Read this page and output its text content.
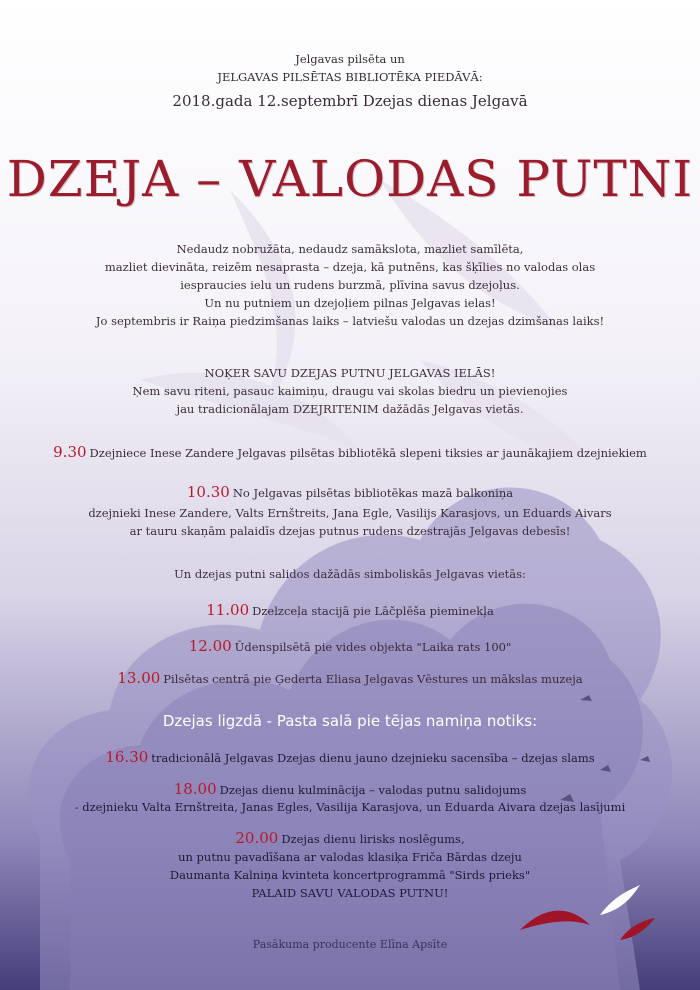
Jelgavas pilsēta un
JELGAVAS PILSĒTAS BIBLIOTĒKA PIEDĀVĀ:
2018.gada 12.septembrī Dzejas dienas Jelgavā
DZEJA – VALODAS PUTNI
Nedaudz nobružāta, nedaudz samākslota, mazliet samīlēta,
mazliet dievināta, reizēm nesaprasta – dzeja, kā putnēns, kas šķīlies no valodas olas
iespraucies ielu un rudens burzmā, plīvina savus dzejoļus.
Un nu putniem un dzejoļiem pilnas Jelgavas ielas!
Jo septembris ir Raiņa piedzimšanas laiks – latviešu valodas un dzejas dzimšanas laiks!
NOĶER SAVU DZEJAS PUTNU JELGAVAS IELĀS!
Ņem savu riteni, pasauc kaimiņu, draugu vai skolas biedru un pievienojies
jau tradicionālajam DZEJRITENIM dažādās Jelgavas vietās.
9.30 Dzejniece Inese Zandere Jelgavas pilsētas bibliotēkā slepeni tiksies ar jaunākajiem dzejniekiem
10.30 No Jelgavas pilsētas bibliotēkas mazā balkoniņa
dzejnieki Inese Zandere, Valts Ernštreits, Jana Egle, Vasilijs Karasjovs, un Eduards Aivars
ar tauru skaņām palaidīs dzejas putnus rudens dzestrajās Jelgavas debesīs!
Un dzejas putni salidos dažādās simboliskās Jelgavas vietās:
11.00 Dzelzceļa stacijā pie Lāčplēša pieminekļa
12.00 Ūdenspilsētā pie vides objekta "Laika rats 100"
13.00 Pilsētas centrā pie Ģederta Eliasa Jelgavas Vēstures un mākslas muzeja
Dzejas ligzdā - Pasta salā pie tējas namiņa notiks:
16.30 tradicionālā Jelgavas Dzejas dienu jauno dzejnieku sacensība – dzejas slams
18.00 Dzejas dienu kulminācija – valodas putnu salidojums
- dzejnieku Valta Ernštreita, Janas Egles, Vasilija Karasjova, un Eduarda Aivara dzejas lasījumi
20.00 Dzejas dienu lirisks noslēgums,
un putnu pavadīšana ar valodas klasiķa Friča Bārdas dzeju
Daumanta Kalniņa kvinteta koncertprogrammā "Sirds prieks"
PALAID SAVU VALODAS PUTNU!
Pasākuma producente Elīna Apsīte
